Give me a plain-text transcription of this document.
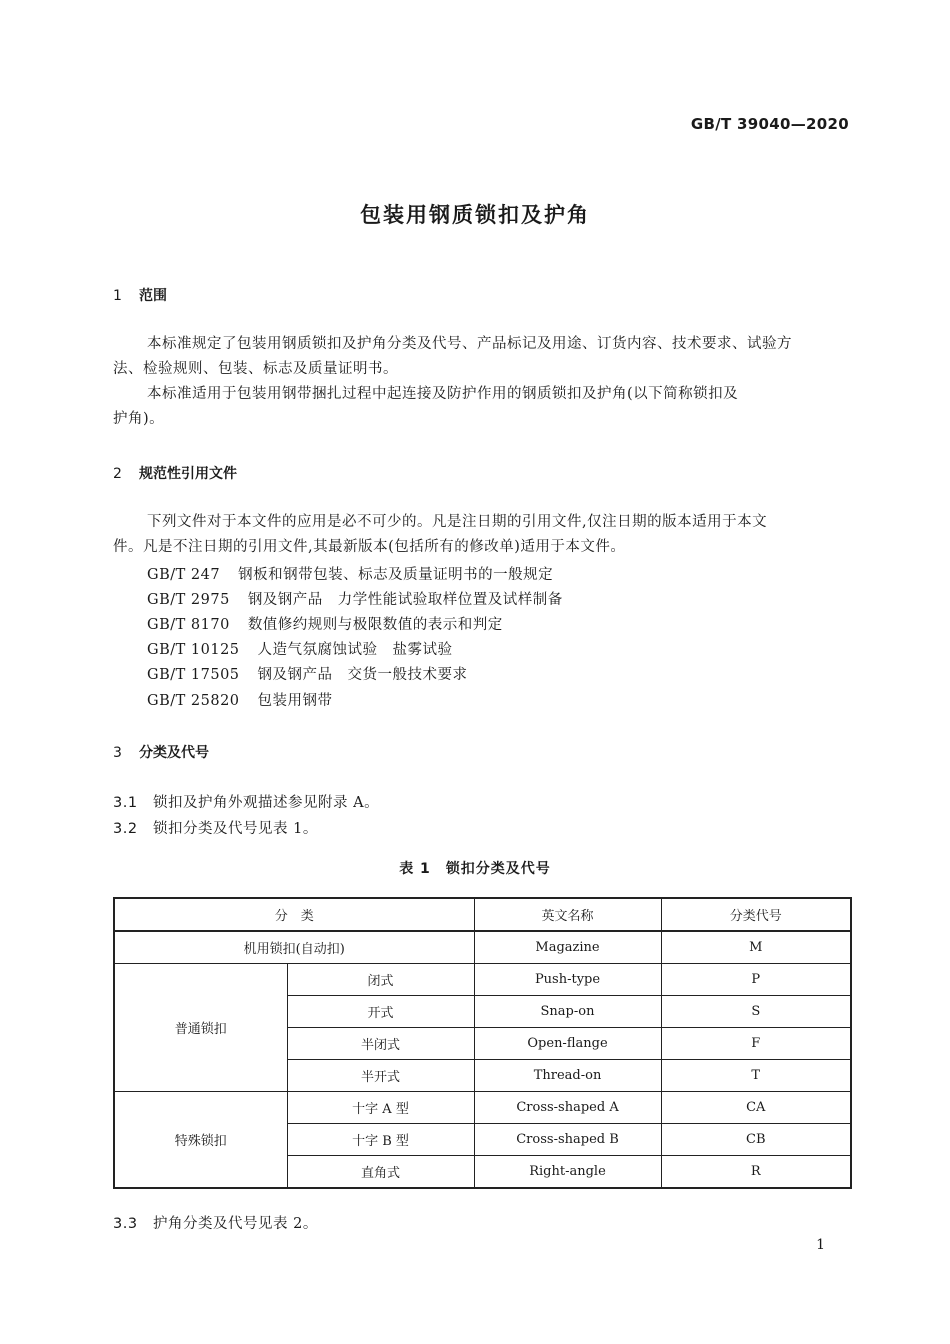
GB/T 39040—2020
包装用钢质锁扣及护角
1 范围
本标准规定了包装用钢质锁扣及护角分类及代号、产品标记及用途、订货内容、技术要求、试验方
法、检验规则、包装、标志及质量证明书。
本标准适用于包装用钢带捆扎过程中起连接及防护作用的钢质锁扣及护角(以下简称锁扣及
护角)。
2 规范性引用文件
下列文件对于本文件的应用是必不可少的。凡是注日期的引用文件,仅注日期的版本适用于本文
件。凡是不注日期的引用文件,其最新版本(包括所有的修改单)适用于本文件。
GB/T 247 钢板和钢带包装、标志及质量证明书的一般规定
GB/T 2975 钢及钢产品　力学性能试验取样位置及试样制备
GB/T 8170 数值修约规则与极限数值的表示和判定
GB/T 10125 人造气氛腐蚀试验　盐雾试验
GB/T 17505 钢及钢产品　交货一般技术要求
GB/T 25820 包装用钢带
3 分类及代号
3.1 锁扣及护角外观描述参见附录 A。
3.2 锁扣分类及代号见表 1。
表 1　锁扣分类及代号
分　类		英文名称	分类代号
机用锁扣(自动扣)		Magazine	M
普通锁扣	闭式	Push-type	P
	开式	Snap-on	S
	半闭式	Open-flange	F
	半开式	Thread-on	T
特殊锁扣	十字 A 型	Cross-shaped A	CA
	十字 B 型	Cross-shaped B	CB
	直角式	Right-angle	R
3.3 护角分类及代号见表 2。
1
